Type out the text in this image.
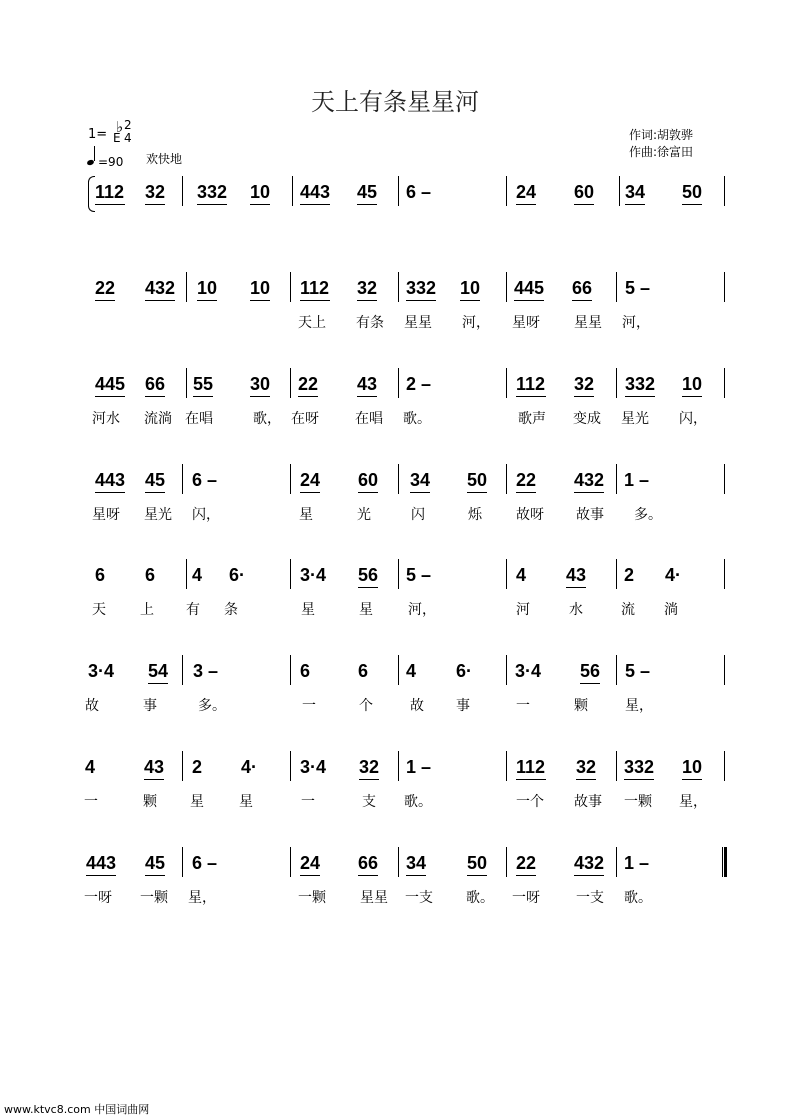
天上有条星星河
1= ♭
E
2
4
=90 欢快地
作词:胡敦骅
作曲:徐富田
112 32 332 10 443 45 6 –	24 60 34 50
22 432 10 10 112 32 332 10 445 66 5 –
天上 有条 星星 河， 星呀 星星 河，
445 66 55 30 22 43 2 –	112 32 332 10
河水 流淌 在唱	歌， 在呀	在唱 歌。	歌声 变成 星光 闪，
443 45 6 –	24 60 34 50 22 432 1 –
星呀 星光 闪，	星	光	闪	烁 故呀 故事 多。
6 6 4 6·	3·4 56 5 –	4 43 2 4·
天 上 有 条	星	星	河，	河	水	流 淌
3·4 54 3 –	6	6 4 6· 3·4 56 5 –
故	事	多。	一	个	故 事	一	颗	星，
4	43 2 4· 3·4 32 1 –	112 32 332 10
一	颗 星	星	一	支 歌。	一个 故事 一颗 星，
443 45 6 –	24 66 34 50 22 432 1 –
一呀 一颗 星，	一颗 星星 一支 歌。 一呀	一支 歌。
www.ktvc8.com 中国词曲网
